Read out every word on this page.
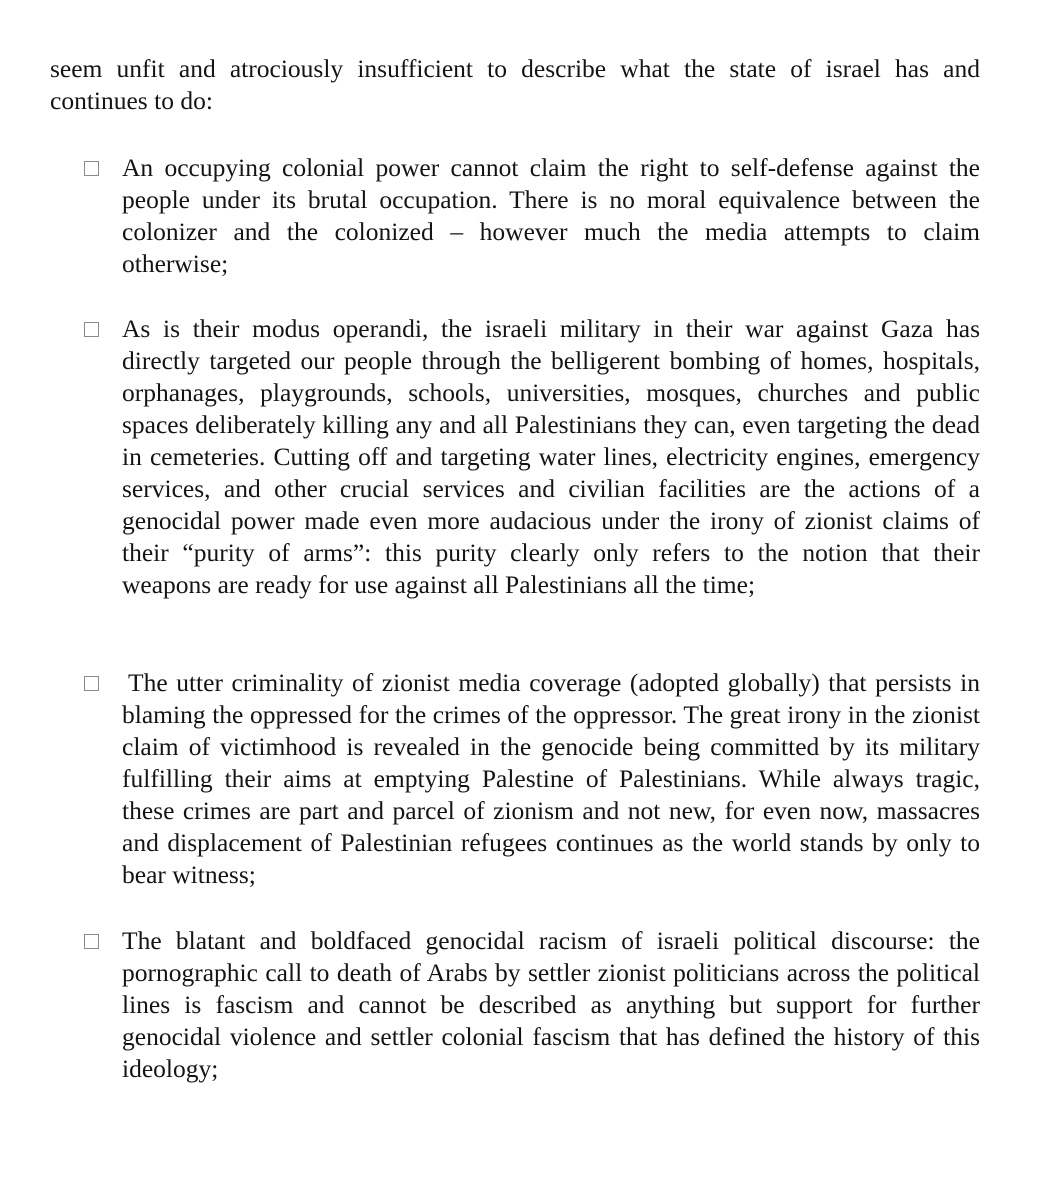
seem unfit and atrociously insufficient to describe what the state of israel has and continues to do:

An occupying colonial power cannot claim the right to self-defense against the people under its brutal occupation. There is no moral equivalence between the colonizer and the colonized – however much the media attempts to claim otherwise;

As is their modus operandi, the israeli military in their war against Gaza has directly targeted our people through the belligerent bombing of homes, hospitals, orphanages, playgrounds, schools, universities, mosques, churches and public spaces deliberately killing any and all Palestinians they can, even targeting the dead in cemeteries. Cutting off and targeting water lines, electricity engines, emergency services, and other crucial services and civilian facilities are the actions of a genocidal power made even more audacious under the irony of zionist claims of their “purity of arms”: this purity clearly only refers to the notion that their weapons are ready for use against all Palestinians all the time;

The utter criminality of zionist media coverage (adopted globally) that persists in blaming the oppressed for the crimes of the oppressor. The great irony in the zionist claim of victimhood is revealed in the genocide being committed by its military fulfilling their aims at emptying Palestine of Palestinians. While always tragic, these crimes are part and parcel of zionism and not new, for even now, massacres and displacement of Palestinian refugees continues as the world stands by only to bear witness;

The blatant and boldfaced genocidal racism of israeli political discourse: the pornographic call to death of Arabs by settler zionist politicians across the political lines is fascism and cannot be described as anything but support for further genocidal violence and settler colonial fascism that has defined the history of this ideology;
